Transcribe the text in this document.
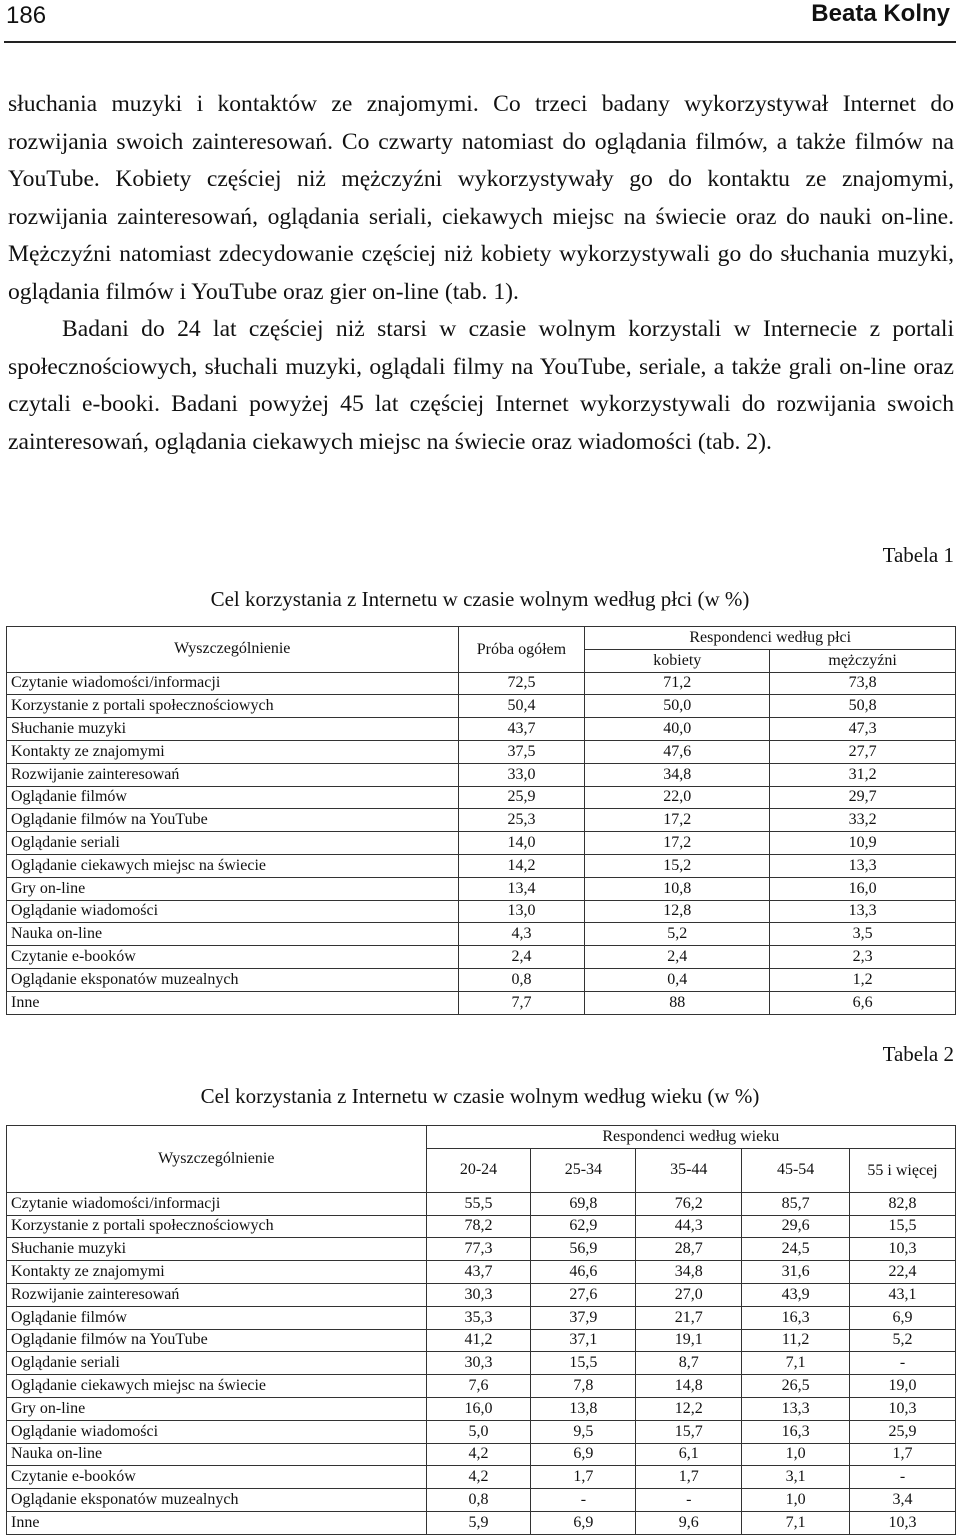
186	Beata Kolny

słuchania muzyki i kontaktów ze znajomymi. Co trzeci badany wykorzystywał Internet do rozwijania swoich zainteresowań. Co czwarty natomiast do oglądania filmów, a także filmów na YouTube. Kobiety częściej niż mężczyźni wykorzystywały go do kontaktu ze znajomymi, rozwijania zainteresowań, oglądania seriali, ciekawych miejsc na świecie oraz do nauki on-line. Mężczyźni natomiast zdecydowanie częściej niż kobiety wykorzystywali go do słuchania muzyki, oglądania filmów i YouTube oraz gier on-line (tab. 1).

Badani do 24 lat częściej niż starsi w czasie wolnym korzystali w Internecie z portali społecznościowych, słuchali muzyki, oglądali filmy na YouTube, seriale, a także grali on-line oraz czytali e-booki. Badani powyżej 45 lat częściej Internet wykorzystywali do rozwijania swoich zainteresowań, oglądania ciekawych miejsc na świecie oraz wiadomości (tab. 2).

Tabela 1
Cel korzystania z Internetu w czasie wolnym według płci (w %)
Wyszczególnienie	Próba ogółem	Respondenci według płci	
		kobiety	mężczyźni
Czytanie wiadomości/informacji	72,5	71,2	73,8
Korzystanie z portali społecznościowych	50,4	50,0	50,8
Słuchanie muzyki	43,7	40,0	47,3
Kontakty ze znajomymi	37,5	47,6	27,7
Rozwijanie zainteresowań	33,0	34,8	31,2
Oglądanie filmów	25,9	22,0	29,7
Oglądanie filmów na YouTube	25,3	17,2	33,2
Oglądanie seriali	14,0	17,2	10,9
Oglądanie ciekawych miejsc na świecie	14,2	15,2	13,3
Gry on-line	13,4	10,8	16,0
Oglądanie wiadomości	13,0	12,8	13,3
Nauka on-line	4,3	5,2	3,5
Czytanie e-booków	2,4	2,4	2,3
Oglądanie eksponatów muzealnych	0,8	0,4	1,2
Inne	7,7	88	6,6
Tabela 2
Cel korzystania z Internetu w czasie wolnym według wieku (w %)
Wyszczególnienie	Respondenci według wieku				
	20-24	25-34	35-44	45-54	55 i więcej
Czytanie wiadomości/informacji	55,5	69,8	76,2	85,7	82,8
Korzystanie z portali społecznościowych	78,2	62,9	44,3	29,6	15,5
Słuchanie muzyki	77,3	56,9	28,7	24,5	10,3
Kontakty ze znajomymi	43,7	46,6	34,8	31,6	22,4
Rozwijanie zainteresowań	30,3	27,6	27,0	43,9	43,1
Oglądanie filmów	35,3	37,9	21,7	16,3	6,9
Oglądanie filmów na YouTube	41,2	37,1	19,1	11,2	5,2
Oglądanie seriali	30,3	15,5	8,7	7,1	-
Oglądanie ciekawych miejsc na świecie	7,6	7,8	14,8	26,5	19,0
Gry on-line	16,0	13,8	12,2	13,3	10,3
Oglądanie wiadomości	5,0	9,5	15,7	16,3	25,9
Nauka on-line	4,2	6,9	6,1	1,0	1,7
Czytanie e-booków	4,2	1,7	1,7	3,1	-
Oglądanie eksponatów muzealnych	0,8	-	-	1,0	3,4
Inne	5,9	6,9	9,6	7,1	10,3
